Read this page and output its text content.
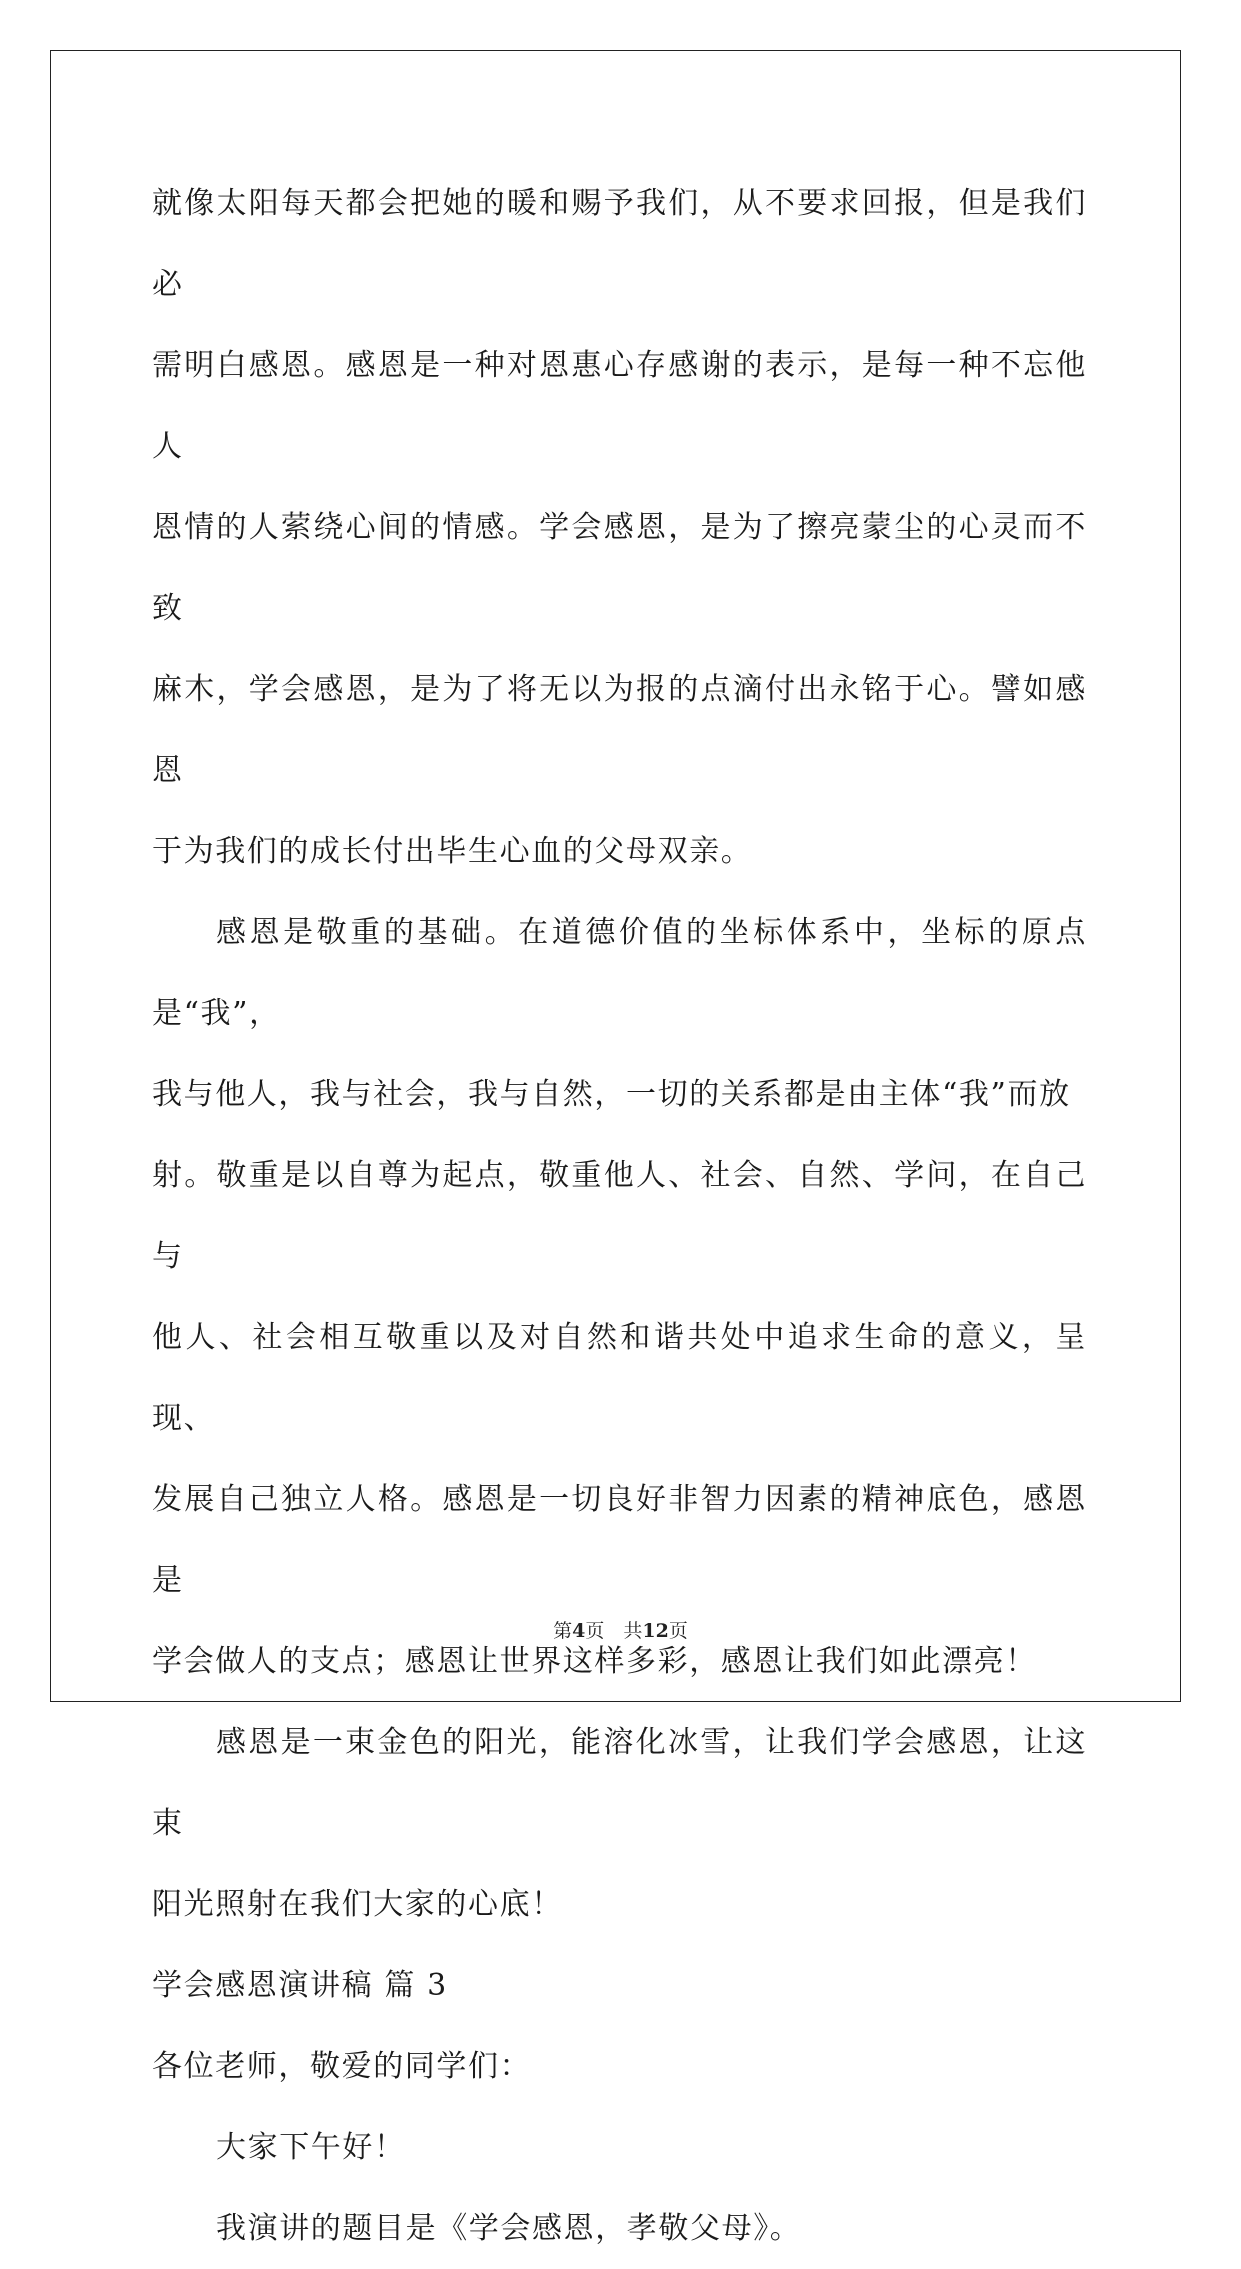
就像太阳每天都会把她的暖和赐予我们，从不要求回报，但是我们必

需明白感恩。感恩是一种对恩惠心存感谢的表示，是每一种不忘他人

恩情的人萦绕心间的情感。学会感恩，是为了擦亮蒙尘的心灵而不致

麻木，学会感恩，是为了将无以为报的点滴付出永铭于心。譬如感恩

于为我们的成长付出毕生心血的父母双亲。

感恩是敬重的基础。在道德价值的坐标体系中，坐标的原点是“我”，

我与他人，我与社会，我与自然，一切的关系都是由主体“我”而放

射。敬重是以自尊为起点，敬重他人、社会、自然、学问，在自己与

他人、社会相互敬重以及对自然和谐共处中追求生命的意义，呈现、

发展自己独立人格。感恩是一切良好非智力因素的精神底色，感恩是

学会做人的支点；感恩让世界这样多彩，感恩让我们如此漂亮！

感恩是一束金色的阳光，能溶化冰雪，让我们学会感恩，让这束

阳光照射在我们大家的心底！

学会感恩演讲稿 篇 3

各位老师，敬爱的同学们：

大家下午好！

我演讲的题目是《学会感恩，孝敬父母》。

第4页　共12页
